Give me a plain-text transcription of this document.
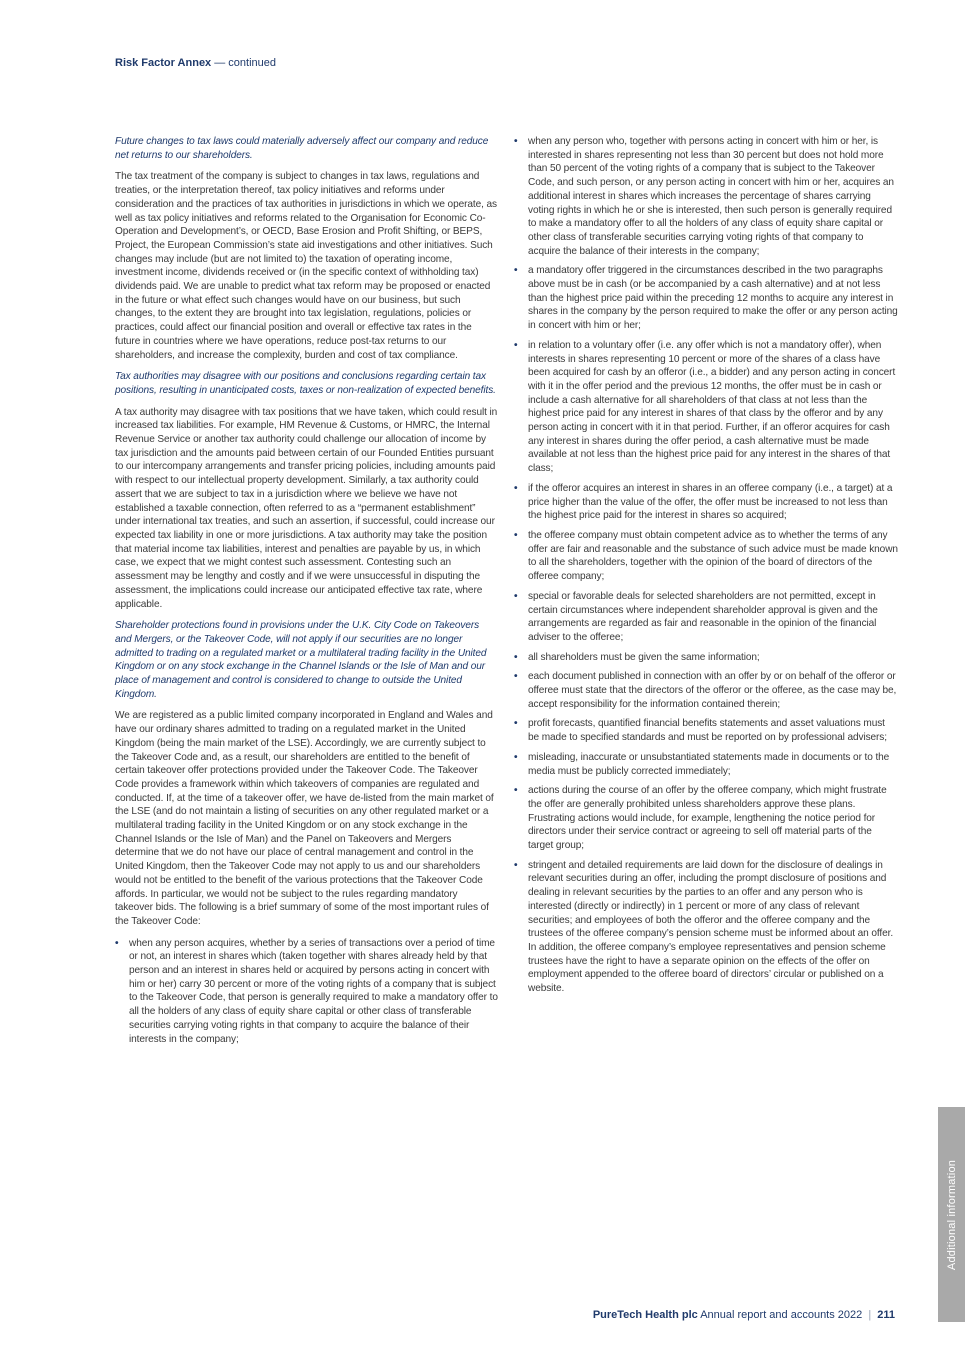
Risk Factor Annex — continued

Future changes to tax laws could materially adversely affect our company and reduce net returns to our shareholders.

The tax treatment of the company is subject to changes in tax laws, regulations and treaties, or the interpretation thereof, tax policy initiatives and reforms under consideration and the practices of tax authorities in jurisdictions in which we operate, as well as tax policy initiatives and reforms related to the Organisation for Economic Co-Operation and Development’s, or OECD, Base Erosion and Profit Shifting, or BEPS, Project, the European Commission’s state aid investigations and other initiatives. Such changes may include (but are not limited to) the taxation of operating income, investment income, dividends received or (in the specific context of withholding tax) dividends paid. We are unable to predict what tax reform may be proposed or enacted in the future or what effect such changes would have on our business, but such changes, to the extent they are brought into tax legislation, regulations, policies or practices, could affect our financial position and overall or effective tax rates in the future in countries where we have operations, reduce post-tax returns to our shareholders, and increase the complexity, burden and cost of tax compliance.

Tax authorities may disagree with our positions and conclusions regarding certain tax positions, resulting in unanticipated costs, taxes or non-realization of expected benefits.

A tax authority may disagree with tax positions that we have taken, which could result in increased tax liabilities. For example, HM Revenue & Customs, or HMRC, the Internal Revenue Service or another tax authority could challenge our allocation of income by tax jurisdiction and the amounts paid between certain of our Founded Entities pursuant to our intercompany arrangements and transfer pricing policies, including amounts paid with respect to our intellectual property development. Similarly, a tax authority could assert that we are subject to tax in a jurisdiction where we believe we have not established a taxable connection, often referred to as a “permanent establishment” under international tax treaties, and such an assertion, if successful, could increase our expected tax liability in one or more jurisdictions. A tax authority may take the position that material income tax liabilities, interest and penalties are payable by us, in which case, we expect that we might contest such assessment. Contesting such an assessment may be lengthy and costly and if we were unsuccessful in disputing the assessment, the implications could increase our anticipated effective tax rate, where applicable.

Shareholder protections found in provisions under the U.K. City Code on Takeovers and Mergers, or the Takeover Code, will not apply if our securities are no longer admitted to trading on a regulated market or a multilateral trading facility in the United Kingdom or on any stock exchange in the Channel Islands or the Isle of Man and our place of management and control is considered to change to outside the United Kingdom.

We are registered as a public limited company incorporated in England and Wales and have our ordinary shares admitted to trading on a regulated market in the United Kingdom (being the main market of the LSE). Accordingly, we are currently subject to the Takeover Code and, as a result, our shareholders are entitled to the benefit of certain takeover offer protections provided under the Takeover Code. The Takeover Code provides a framework within which takeovers of companies are regulated and conducted. If, at the time of a takeover offer, we have de-listed from the main market of the LSE (and do not maintain a listing of securities on any other regulated market or a multilateral trading facility in the United Kingdom or on any stock exchange in the Channel Islands or the Isle of Man) and the Panel on Takeovers and Mergers determine that we do not have our place of central management and control in the United Kingdom, then the Takeover Code may not apply to us and our shareholders would not be entitled to the benefit of the various protections that the Takeover Code affords. In particular, we would not be subject to the rules regarding mandatory takeover bids. The following is a brief summary of some of the most important rules of the Takeover Code:

• when any person acquires, whether by a series of transactions over a period of time or not, an interest in shares which (taken together with shares already held by that person and an interest in shares held or acquired by persons acting in concert with him or her) carry 30 percent or more of the voting rights of a company that is subject to the Takeover Code, that person is generally required to make a mandatory offer to all the holders of any class of equity share capital or other class of transferable securities carrying voting rights in that company to acquire the balance of their interests in the company;
• when any person who, together with persons acting in concert with him or her, is interested in shares representing not less than 30 percent but does not hold more than 50 percent of the voting rights of a company that is subject to the Takeover Code, and such person, or any person acting in concert with him or her, acquires an additional interest in shares which increases the percentage of shares carrying voting rights in which he or she is interested, then such person is generally required to make a mandatory offer to all the holders of any class of equity share capital or other class of transferable securities carrying voting rights of that company to acquire the balance of their interests in the company;
• a mandatory offer triggered in the circumstances described in the two paragraphs above must be in cash (or be accompanied by a cash alternative) and at not less than the highest price paid within the preceding 12 months to acquire any interest in shares in the company by the person required to make the offer or any person acting in concert with him or her;
• in relation to a voluntary offer (i.e. any offer which is not a mandatory offer), when interests in shares representing 10 percent or more of the shares of a class have been acquired for cash by an offeror (i.e., a bidder) and any person acting in concert with it in the offer period and the previous 12 months, the offer must be in cash or include a cash alternative for all shareholders of that class at not less than the highest price paid for any interest in shares of that class by the offeror and by any person acting in concert with it in that period. Further, if an offeror acquires for cash any interest in shares during the offer period, a cash alternative must be made available at not less than the highest price paid for any interest in the shares of that class;
• if the offeror acquires an interest in shares in an offeree company (i.e., a target) at a price higher than the value of the offer, the offer must be increased to not less than the highest price paid for the interest in shares so acquired;
• the offeree company must obtain competent advice as to whether the terms of any offer are fair and reasonable and the substance of such advice must be made known to all the shareholders, together with the opinion of the board of directors of the offeree company;
• special or favorable deals for selected shareholders are not permitted, except in certain circumstances where independent shareholder approval is given and the arrangements are regarded as fair and reasonable in the opinion of the financial adviser to the offeree;
• all shareholders must be given the same information;
• each document published in connection with an offer by or on behalf of the offeror or offeree must state that the directors of the offeror or the offeree, as the case may be, accept responsibility for the information contained therein;
• profit forecasts, quantified financial benefits statements and asset valuations must be made to specified standards and must be reported on by professional advisers;
• misleading, inaccurate or unsubstantiated statements made in documents or to the media must be publicly corrected immediately;
• actions during the course of an offer by the offeree company, which might frustrate the offer are generally prohibited unless shareholders approve these plans. Frustrating actions would include, for example, lengthening the notice period for directors under their service contract or agreeing to sell off material parts of the target group;
• stringent and detailed requirements are laid down for the disclosure of dealings in relevant securities during an offer, including the prompt disclosure of positions and dealing in relevant securities by the parties to an offer and any person who is interested (directly or indirectly) in 1 percent or more of any class of relevant securities; and employees of both the offeror and the offeree company and the trustees of the offeree company’s pension scheme must be informed about an offer. In addition, the offeree company’s employee representatives and pension scheme trustees have the right to have a separate opinion on the effects of the offer on employment appended to the offeree board of directors’ circular or published on a website.
Additional information
PureTech Health plc Annual report and accounts 2022 | 211
